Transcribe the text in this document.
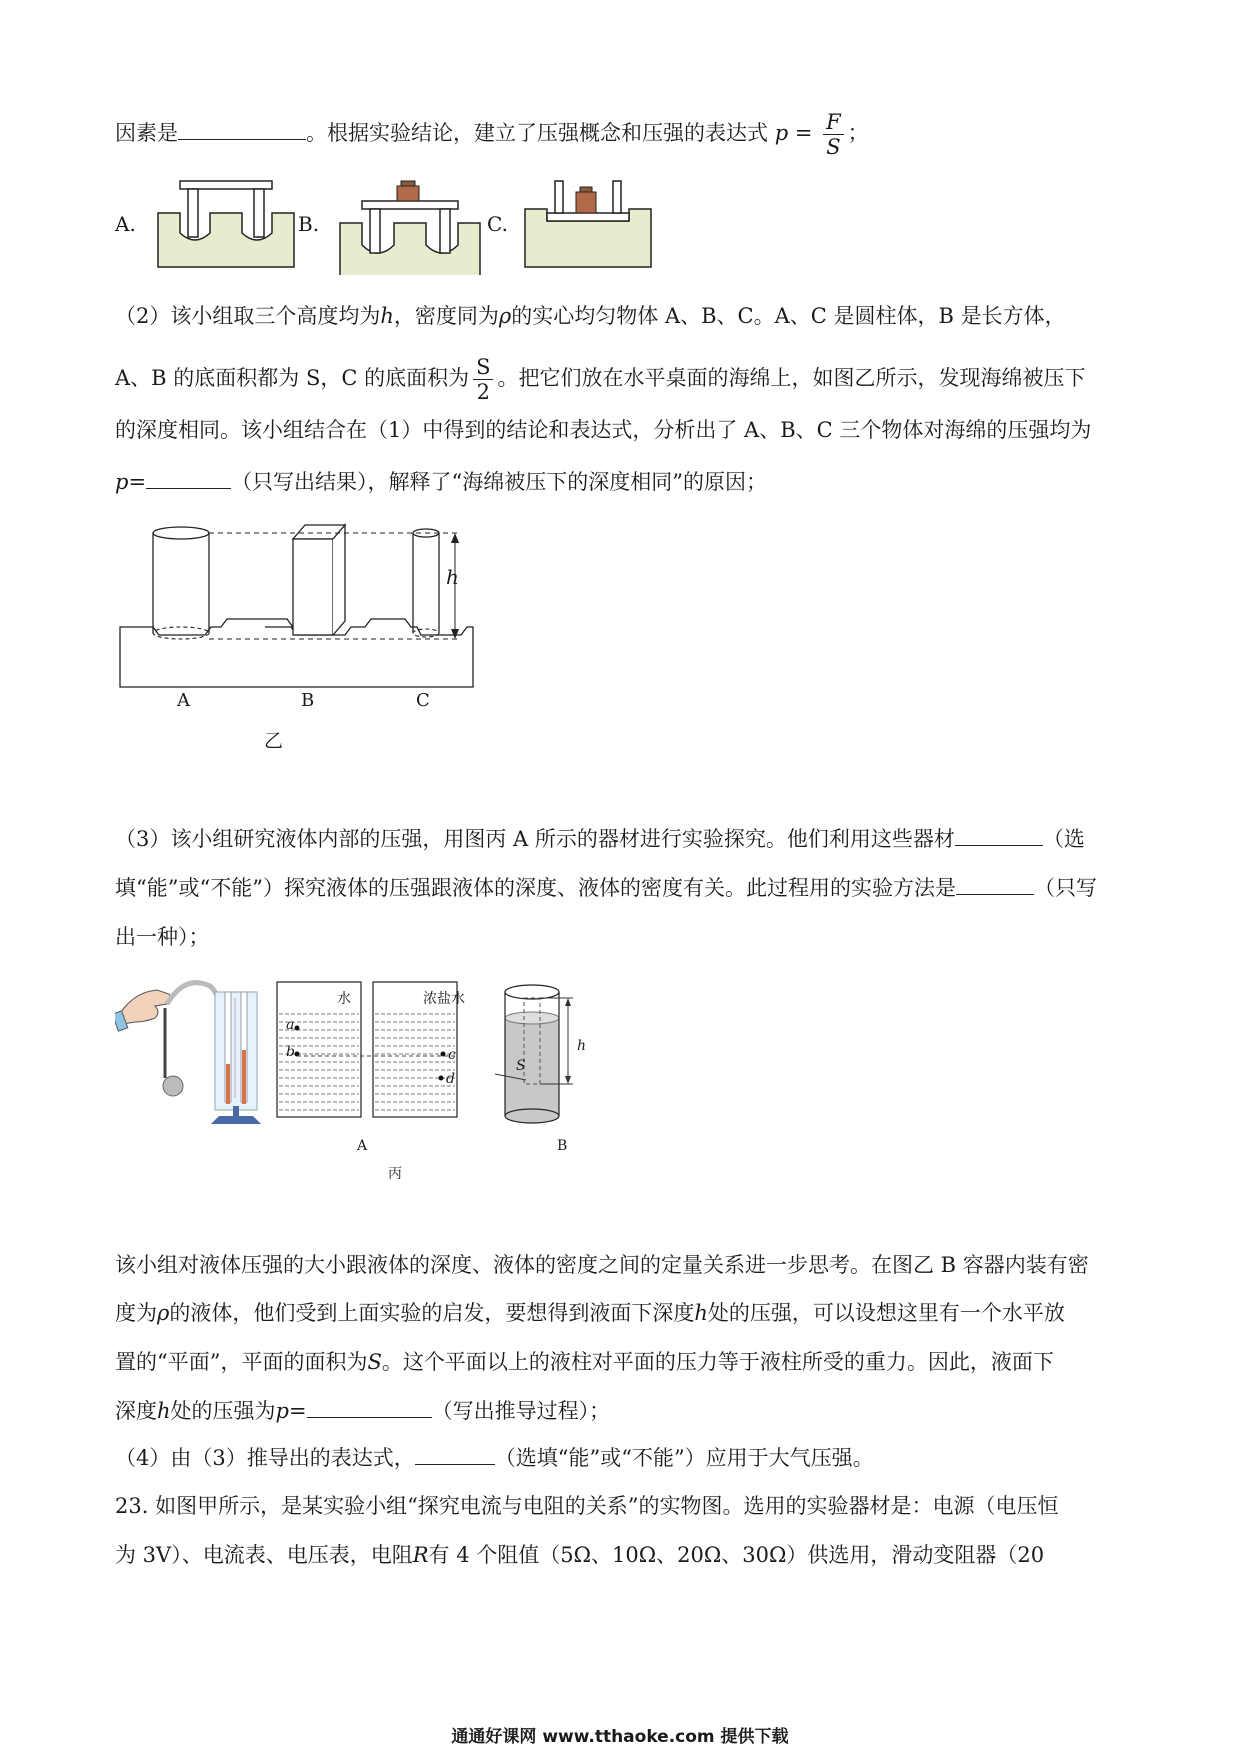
因素是	。根据实验结论，建立了压强概念和压强的表达式 $p = \frac{F}{S}$ ；
A.	B.	C.
（2）该小组取三个高度均为h，密度同为ρ的实心均匀物体 A、B、C。A、C 是圆柱体，B 是长方体，
A、B 的底面积都为 S，C 的底面积为 $\frac{S}{2}$ 。把它们放在水平桌面的海绵上，如图乙所示，发现海绵被压下
的深度相同。该小组结合在（1）中得到的结论和表达式，分析出了 A、B、C 三个物体对海绵的压强均为
p=	（只写出结果），解释了“海绵被压下的深度相同”的原因；
h
A	B	C
乙
（3）该小组研究液体内部的压强，用图丙 A 所示的器材进行实验探究。他们利用这些器材	（选
填“能”或“不能”）探究液体的压强跟液体的深度、液体的密度有关。此过程用的实验方法是	（只写
出一种）；
水	浓盐水
a
b	c
d
S
h
A	B
丙
该小组对液体压强的大小跟液体的深度、液体的密度之间的定量关系进一步思考。在图乙 B 容器内装有密
度为ρ的液体，他们受到上面实验的启发，要想得到液面下深度h处的压强，可以设想这里有一个水平放
置的“平面”，平面的面积为S。这个平面以上的液柱对平面的压力等于液柱所受的重力。因此，液面下
深度h处的压强为p=	（写出推导过程）；
（4）由（3）推导出的表达式，	（选填“能”或“不能”）应用于大气压强。
23. 如图甲所示，是某实验小组“探究电流与电阻的关系”的实物图。选用的实验器材是：电源（电压恒
为 3V）、电流表、电压表，电阻R有 4 个阻值（5Ω、10Ω、20Ω、30Ω）供选用，滑动变阻器（20
通通好课网 www.tthaoke.com 提供下载
